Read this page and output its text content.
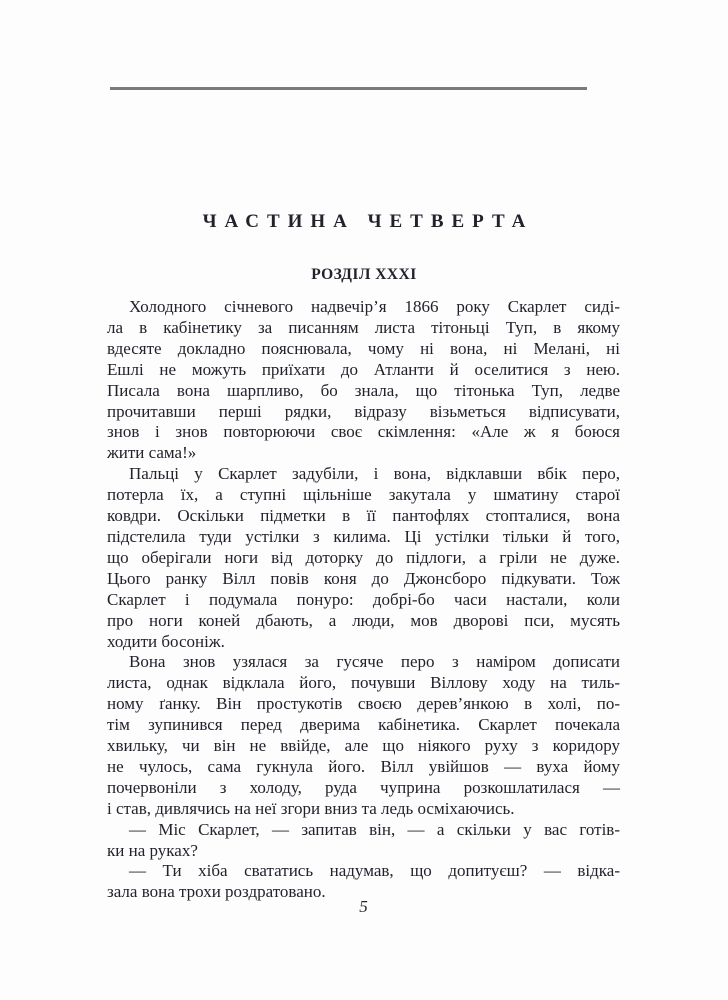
ЧАСТИНА ЧЕТВЕРТА
РОЗДІЛ XXXI
Холодного січневого надвечір’я 1866 року Скарлет сиді-
ла в кабінетику за писанням листа тітоньці Туп, в якому
вдесяте докладно пояснювала, чому ні вона, ні Мелані, ні
Ешлі не можуть приїхати до Атланти й оселитися з нею.
Писала вона шарпливо, бо знала, що тітонька Туп, ледве
прочитавши перші рядки, відразу візьметься відписувати,
знов і знов повторюючи своє скімлення: «Але ж я боюся
жити сама!»
Пальці у Скарлет задубіли, і вона, відклавши вбік перо,
потерла їх, а ступні щільніше закутала у шматину старої
ковдри. Оскільки підметки в її пантофлях стопталися, вона
підстелила туди устілки з килима. Ці устілки тільки й того,
що оберігали ноги від доторку до підлоги, а гріли не дуже.
Цього ранку Вілл повів коня до Джонсборо підкувати. Тож
Скарлет і подумала понуро: добрі-бо часи настали, коли
про ноги коней дбають, а люди, мов дворові пси, мусять
ходити босоніж.
Вона знов узялася за гусяче перо з наміром дописати
листа, однак відклала його, почувши Віллову ходу на тиль-
ному ґанку. Він простукотів своєю дерев’янкою в холі, по-
тім зупинився перед дверима кабінетика. Скарлет почекала
хвильку, чи він не ввійде, але що ніякого руху з коридору
не чулось, сама гукнула його. Вілл увійшов — вуха йому
почервоніли з холоду, руда чуприна розкошлатилася —
і став, дивлячись на неї згори вниз та ледь осміхаючись.
— Міс Скарлет, — запитав він, — а скільки у вас готів-
ки на руках?
— Ти хіба свататись надумав, що допитуєш? — відка-
зала вона трохи роздратовано.
5
